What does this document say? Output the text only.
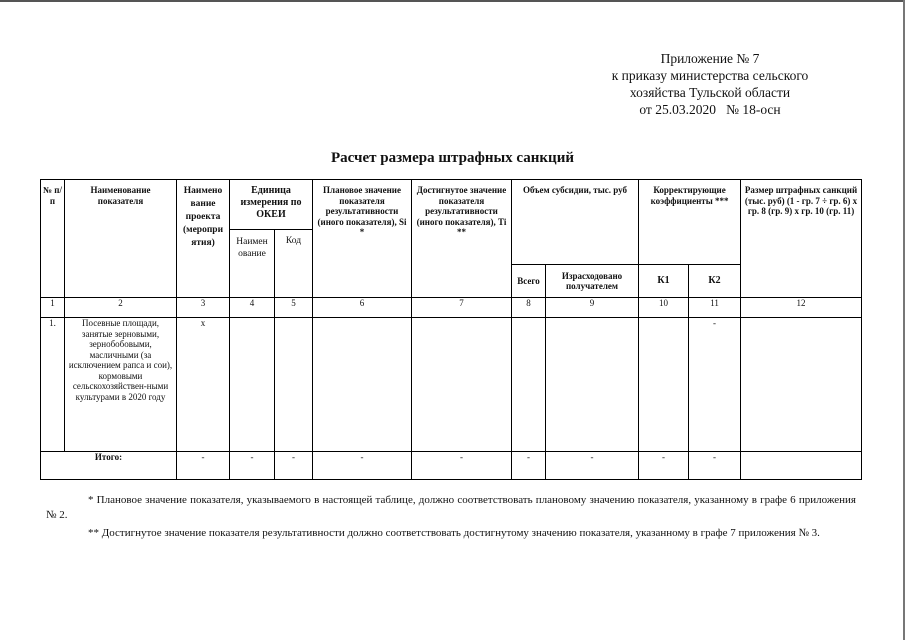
Приложение № 7
к приказу министерства сельского
хозяйства Тульской области
от 25.03.2020   № 18-осн
Расчет размера штрафных санкций
№ п/п	Наименование показателя	Наимено вание проекта (меропри ятия)	Единица измерения по ОКЕИ		Плановое значение показателя результативности (иного показателя), Si *	Достигнутое значение показателя результативности (иного показателя), Ti **	Объем субсидии, тыс. руб		Корректирующие коэффициенты ***		Размер штрафных санкций (тыс. руб) (1 - гр. 7 ÷ гр. 6) х гр. 8 (гр. 9) х гр. 10 (гр. 11)
			Наимен ование	Код							
							Всего	Израсходовано получателем	К1	К2	
1	2	3	4	5	6	7	8	9	10	11	12
1.	Посевные площади, занятые зерновыми, зернобобовыми, масличными (за исключением рапса и сои), кормовыми сельскохозяйствен-ными культурами в 2020 году	х								-	
Итого:		-	-	-	-	-	-	-	-	-	
* Плановое значение показателя, указываемого в настоящей таблице, должно соответствовать плановому значению показателя, указанному в графе 6 приложения № 2.
** Достигнутое значение показателя результативности должно соответствовать достигнутому значению показателя, указанному в графе 7 приложения № 3.
